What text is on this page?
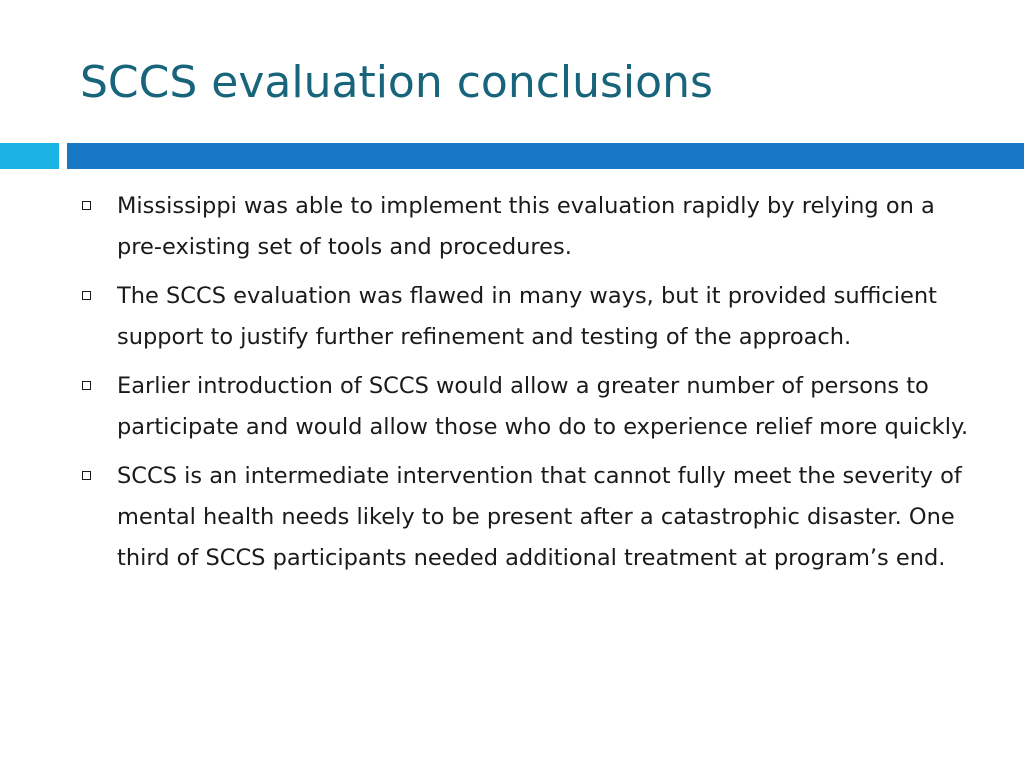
SCCS evaluation conclusions
Mississippi was able to implement this evaluation rapidly by relying on a pre-existing set of tools and procedures.
The SCCS evaluation was flawed in many ways, but it provided sufficient support to justify further refinement and testing of the approach.
Earlier introduction of SCCS would allow a greater number of persons to participate and would allow those who do to experience relief more quickly.
SCCS is an intermediate intervention that cannot fully meet the severity of mental health needs likely to be present after a catastrophic disaster. One third of SCCS participants needed additional treatment at program’s end.
